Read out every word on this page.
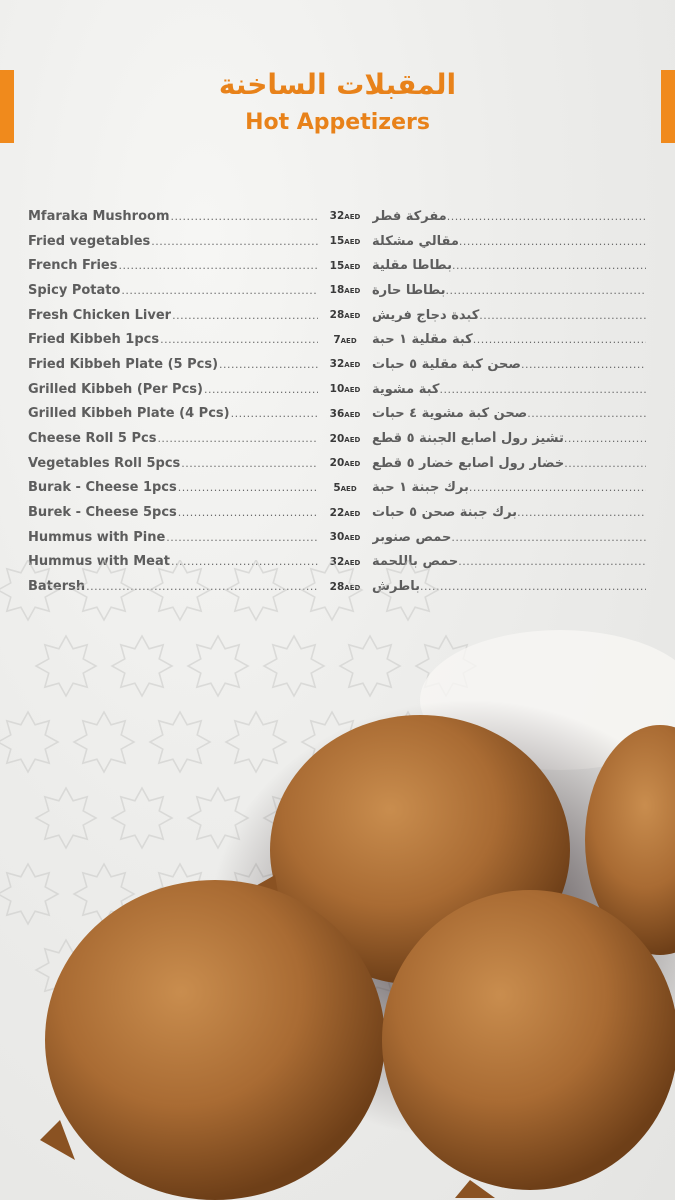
المقبلات الساخنة
Hot Appetizers
Mfaraka Mushroom .....	32AED مفركة فطر
.....
Fried vegetables .....	15AED مقالي مشكلة
.....
French Fries .....	15AED بطاطا مقلية
.....
Spicy Potato .....	18AED بطاطا حارة
.....
Fresh Chicken Liver .....	28AED كبدة دجاج فريش
.....
Fried Kibbeh 1pcs .....	7AED	كبة مقلية ١ حبة
.....
Fried Kibbeh Plate (5 Pcs) .....	32AED صحن كبة مقلية ٥ حبات
.....
Grilled Kibbeh (Per Pcs) .....	10AED كبة مشوية
.....
Grilled Kibbeh Plate (4 Pcs) .....	36AED صحن كبة مشوية ٤ حبات
.....
Cheese Roll 5 Pcs .....	20AED تشيز رول أصابع الجبنة ٥ قطع
.....
Vegetables Roll 5pcs .....	20AED خضار رول أصابع خضار ٥ قطع
.....
Burak - Cheese 1pcs .....	5AED	برك جبنة ١ حبة
.....
Burek - Cheese 5pcs .....	22AED برك جبنة صحن ٥ حبات
.....
Hummus with Pine .....	30AED حمص صنوبر
.....
Hummus with Meat .....	32AED حمص باللحمة
.....
Batersh .....	28AED باطرش
.....
